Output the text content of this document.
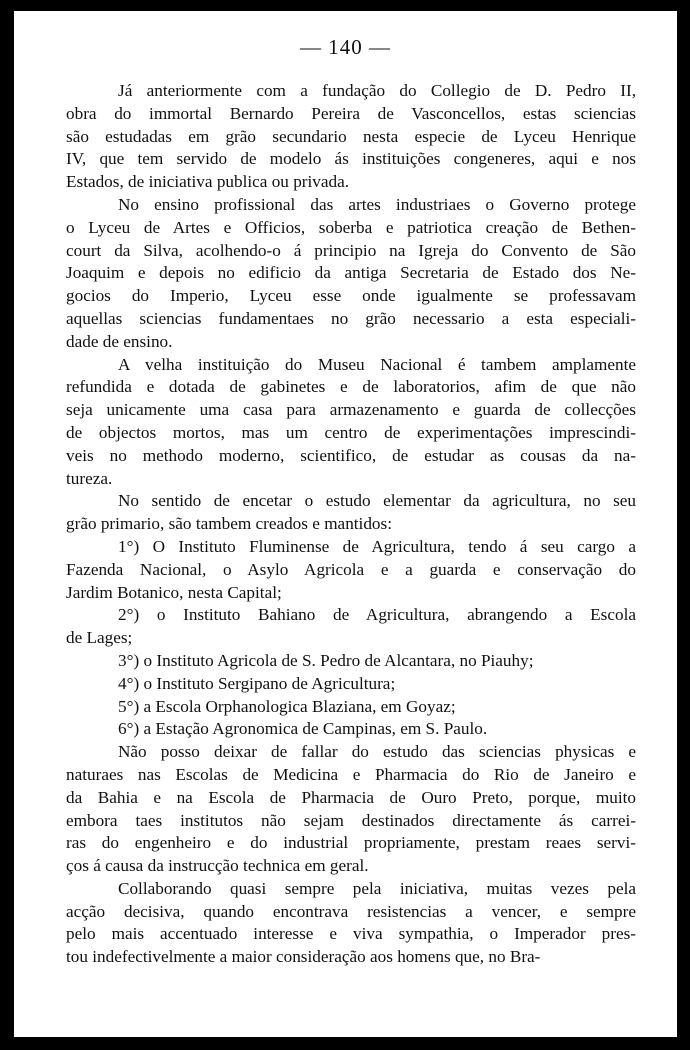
— 140 —
Já anteriormente com a fundação do Collegio de D. Pedro II,
obra do immortal Bernardo Pereira de Vasconcellos, estas sciencias
são estudadas em grão secundario nesta especie de Lyceu Henrique
IV, que tem servido de modelo ás instituições congeneres, aqui e nos
Estados, de iniciativa publica ou privada.
No ensino profissional das artes industriaes o Governo protege
o Lyceu de Artes e Officios, soberba e patriotica creação de Bethen-
court da Silva, acolhendo-o á principio na Igreja do Convento de São
Joaquim e depois no edificio da antiga Secretaria de Estado dos Ne-
gocios do Imperio, Lyceu esse onde igualmente se professavam
aquellas sciencias fundamentaes no grão necessario a esta especiali-
dade de ensino.
A velha instituição do Museu Nacional é tambem amplamente
refundida e dotada de gabinetes e de laboratorios, afim de que não
seja unicamente uma casa para armazenamento e guarda de collecções
de objectos mortos, mas um centro de experimentações imprescindi-
veis no methodo moderno, scientifico, de estudar as cousas da na-
tureza.
No sentido de encetar o estudo elementar da agricultura, no seu
grão primario, são tambem creados e mantidos:
1°) O Instituto Fluminense de Agricultura, tendo á seu cargo a
Fazenda Nacional, o Asylo Agricola e a guarda e conservação do
Jardim Botanico, nesta Capital;
2°) o Instituto Bahiano de Agricultura, abrangendo a Escola
de Lages;
3°) o Instituto Agricola de S. Pedro de Alcantara, no Piauhy;
4°) o Instituto Sergipano de Agricultura;
5°) a Escola Orphanologica Blaziana, em Goyaz;
6°) a Estação Agronomica de Campinas, em S. Paulo.
Não posso deixar de fallar do estudo das sciencias physicas e
naturaes nas Escolas de Medicina e Pharmacia do Rio de Janeiro e
da Bahia e na Escola de Pharmacia de Ouro Preto, porque, muito
embora taes institutos não sejam destinados directamente ás carrei-
ras do engenheiro e do industrial propriamente, prestam reaes servi-
ços á causa da instrucção technica em geral.
Collaborando quasi sempre pela iniciativa, muitas vezes pela
acção decisiva, quando encontrava resistencias a vencer, e sempre
pelo mais accentuado interesse e viva sympathia, o Imperador pres-
tou indefectivelmente a maior consideração aos homens que, no Bra-
